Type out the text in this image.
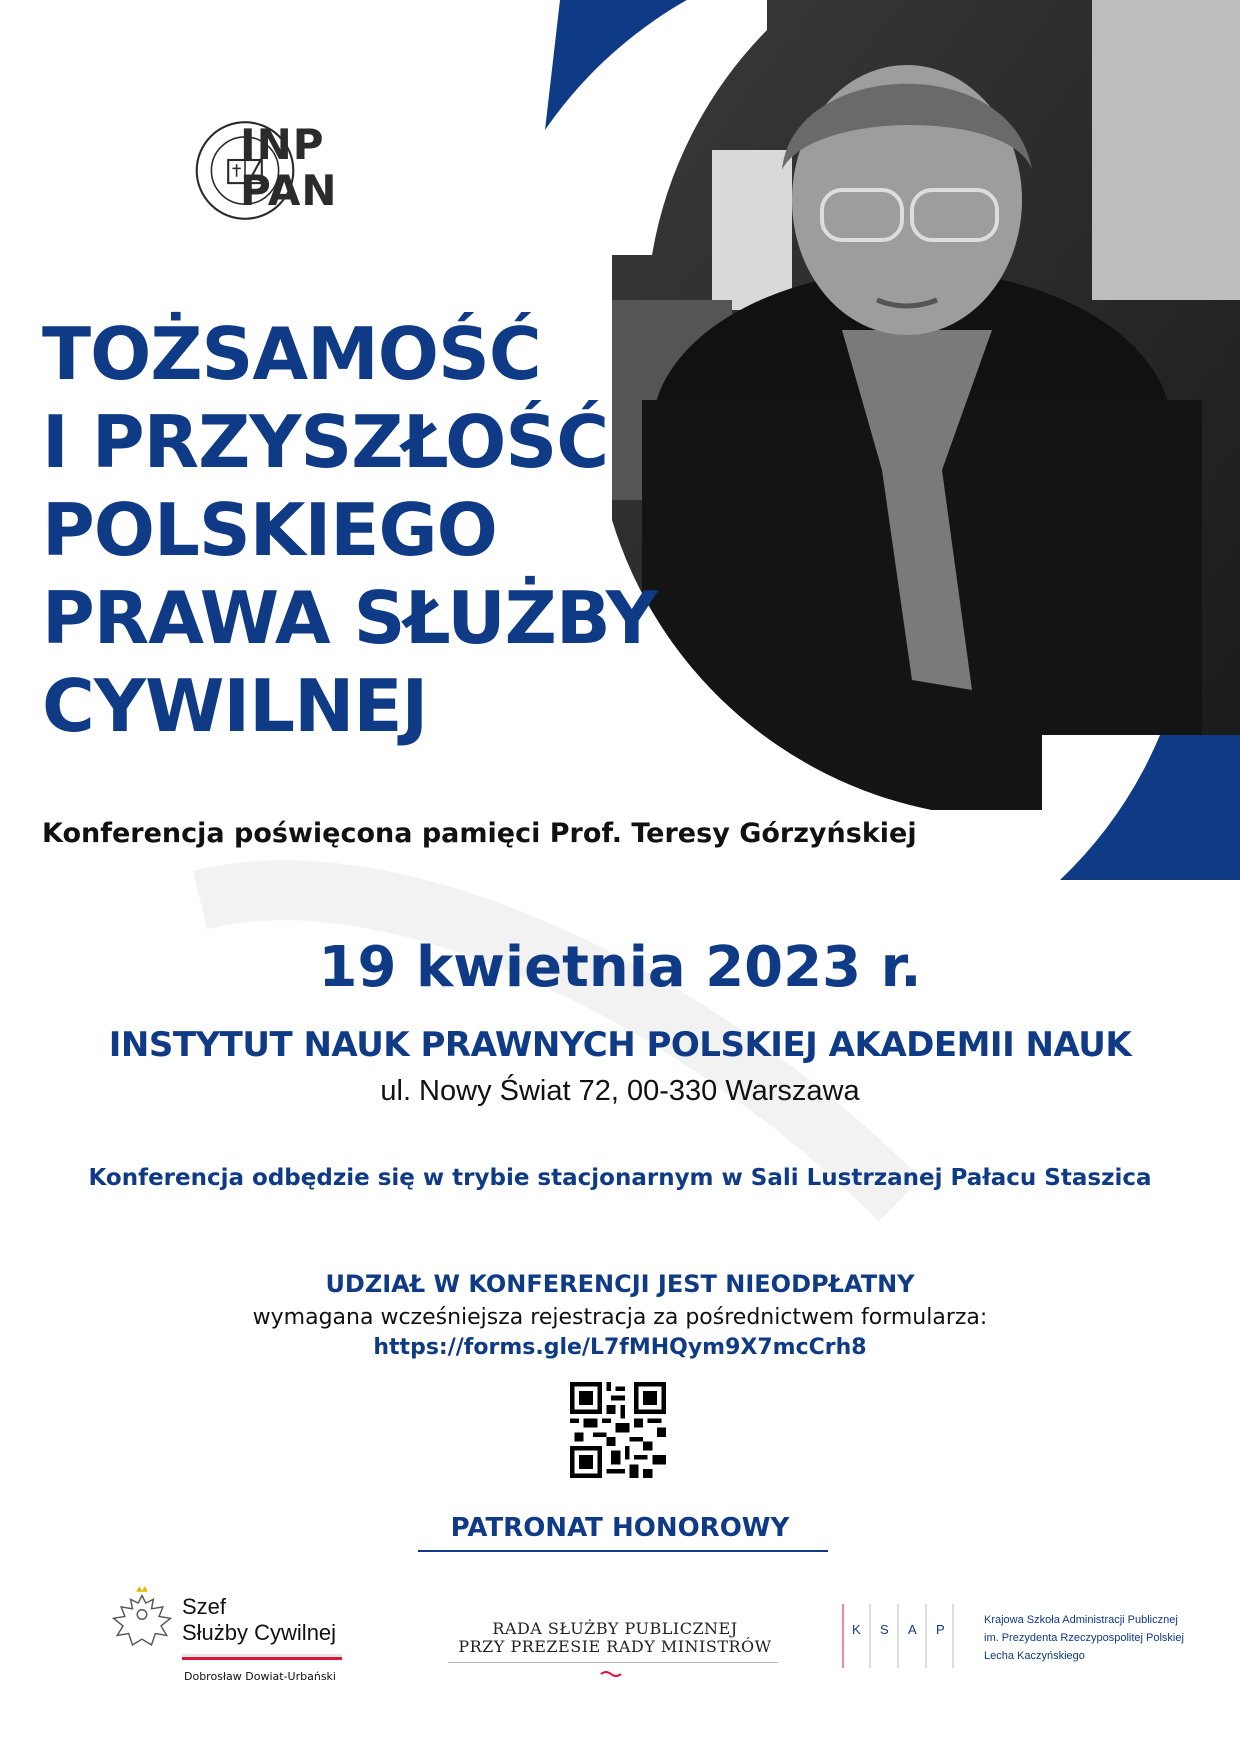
INP
PAN
TOŻSAMOŚĆ
I PRZYSZŁOŚĆ
POLSKIEGO
PRAWA SŁUŻBY
CYWILNEJ
Konferencja poświęcona pamięci Prof. Teresy Górzyńskiej
19 kwietnia 2023 r.
INSTYTUT NAUK PRAWNYCH POLSKIEJ AKADEMII NAUK
ul. Nowy Świat 72, 00-330 Warszawa
Konferencja odbędzie się w trybie stacjonarnym w Sali Lustrzanej Pałacu Staszica
UDZIAŁ W KONFERENCJI JEST NIEODPŁATNY
wymagana wcześniejsza rejestracja za pośrednictwem formularza:
https://forms.gle/L7fMHQym9X7mcCrh8
PATRONAT HONOROWY
Szef
Służby Cywilnej
Dobrosław Dowiat-Urbański
RADA SŁUŻBY PUBLICZNEJ
PRZY PREZESIE RADY MINISTRÓW
K S A P
Krajowa Szkoła Administracji Publicznej
im. Prezydenta Rzeczypospolitej Polskiej
Lecha Kaczyńskiego
